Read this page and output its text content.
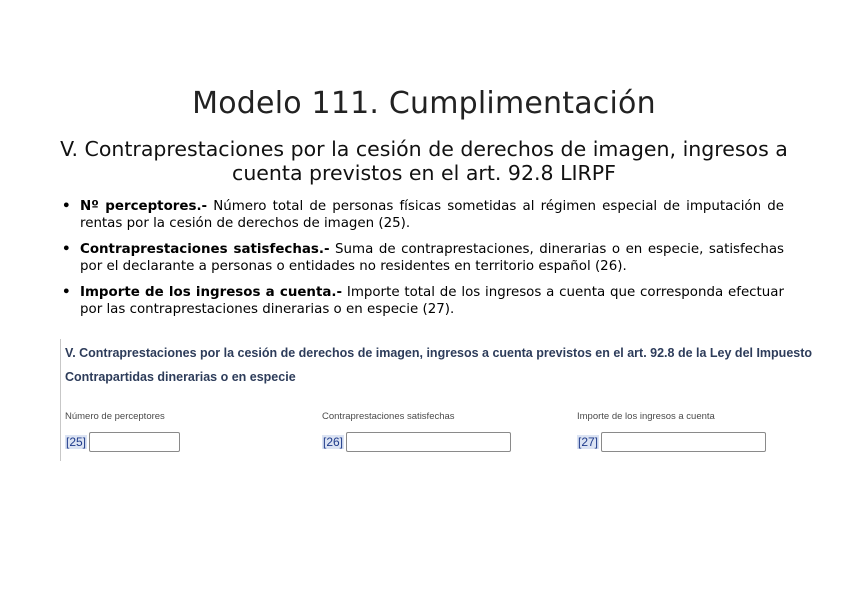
Modelo 111. Cumplimentación
V. Contraprestaciones por la cesión de derechos de imagen, ingresos a cuenta previstos en el art. 92.8 LIRPF
• Nº perceptores.- Número total de personas físicas sometidas al régimen especial de imputación de rentas por la cesión de derechos de imagen (25).
• Contraprestaciones satisfechas.- Suma de contraprestaciones, dinerarias o en especie, satisfechas por el declarante a personas o entidades no residentes en territorio español (26).
• Importe de los ingresos a cuenta.- Importe total de los ingresos a cuenta que corresponda efectuar por las contraprestaciones dinerarias o en especie (27).
V. Contraprestaciones por la cesión de derechos de imagen, ingresos a cuenta previstos en el art. 92.8 de la Ley del Impuesto
Contrapartidas dinerarias o en especie
Número de perceptores
[25]
Contraprestaciones satisfechas
[26]
Importe de los ingresos a cuenta
[27]
